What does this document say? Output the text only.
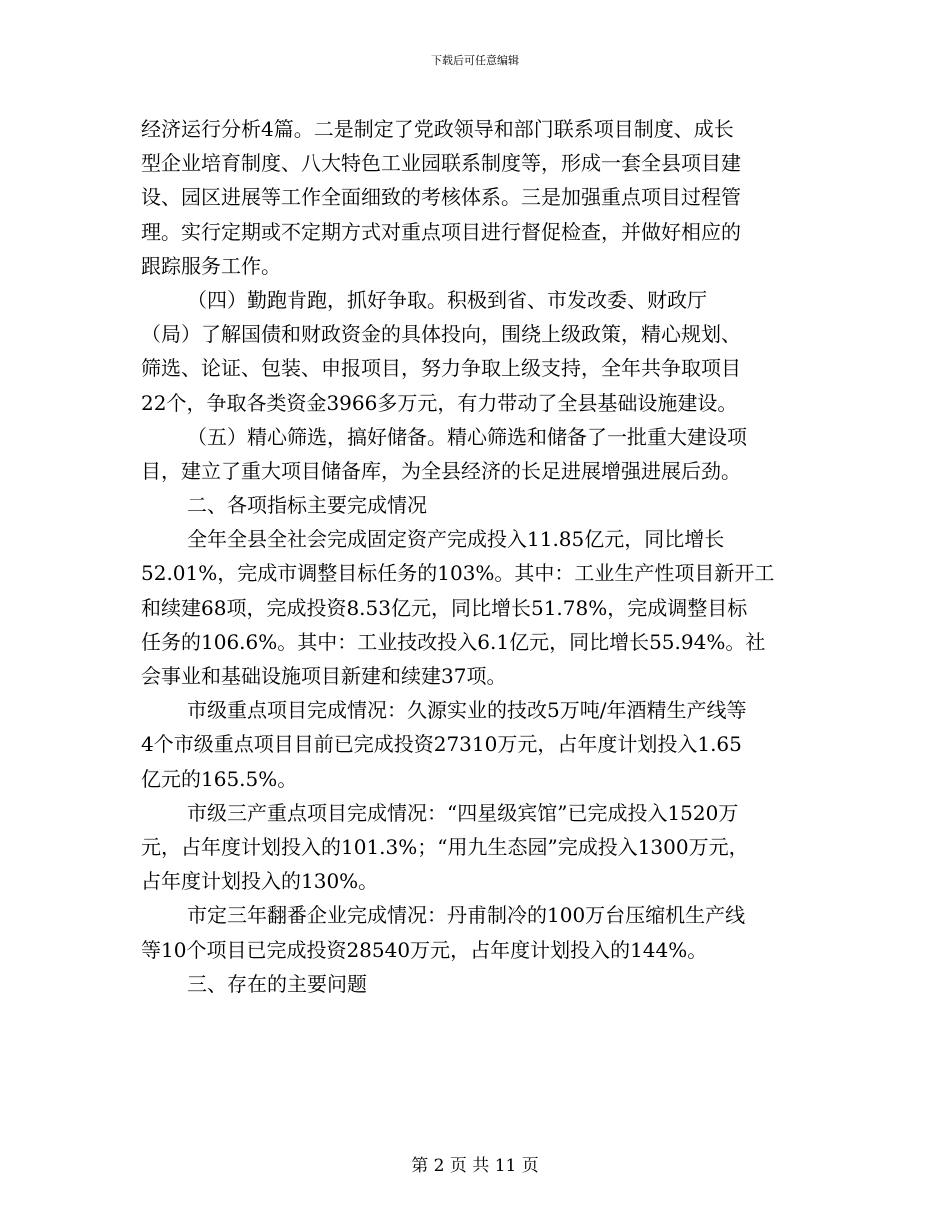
下载后可任意编辑
经济运行分析4篇。二是制定了党政领导和部门联系项目制度、成长
型企业培育制度、八大特色工业园联系制度等，形成一套全县项目建
设、园区进展等工作全面细致的考核体系。三是加强重点项目过程管
理。实行定期或不定期方式对重点项目进行督促检查，并做好相应的
跟踪服务工作。
（四）勤跑肯跑，抓好争取。积极到省、市发改委、财政厅
（局）了解国债和财政资金的具体投向，围绕上级政策，精心规划、
筛选、论证、包装、申报项目，努力争取上级支持，全年共争取项目
22个，争取各类资金3966多万元，有力带动了全县基础设施建设。
（五）精心筛选，搞好储备。精心筛选和储备了一批重大建设项
目，建立了重大项目储备库，为全县经济的长足进展增强进展后劲。
二、各项指标主要完成情况
全年全县全社会完成固定资产完成投入11.85亿元，同比增长
52.01%，完成市调整目标任务的103%。其中：工业生产性项目新开工
和续建68项，完成投资8.53亿元，同比增长51.78%，完成调整目标
任务的106.6%。其中：工业技改投入6.1亿元，同比增长55.94%。社
会事业和基础设施项目新建和续建37项。
市级重点项目完成情况：久源实业的技改5万吨/年酒精生产线等
4个市级重点项目目前已完成投资27310万元，占年度计划投入1.65
亿元的165.5%。
市级三产重点项目完成情况：“四星级宾馆”已完成投入1520万
元，占年度计划投入的101.3%；“用九生态园”完成投入1300万元，
占年度计划投入的130%。
市定三年翻番企业完成情况：丹甫制冷的100万台压缩机生产线
等10个项目已完成投资28540万元，占年度计划投入的144%。
三、存在的主要问题
第 2 页 共 11 页
